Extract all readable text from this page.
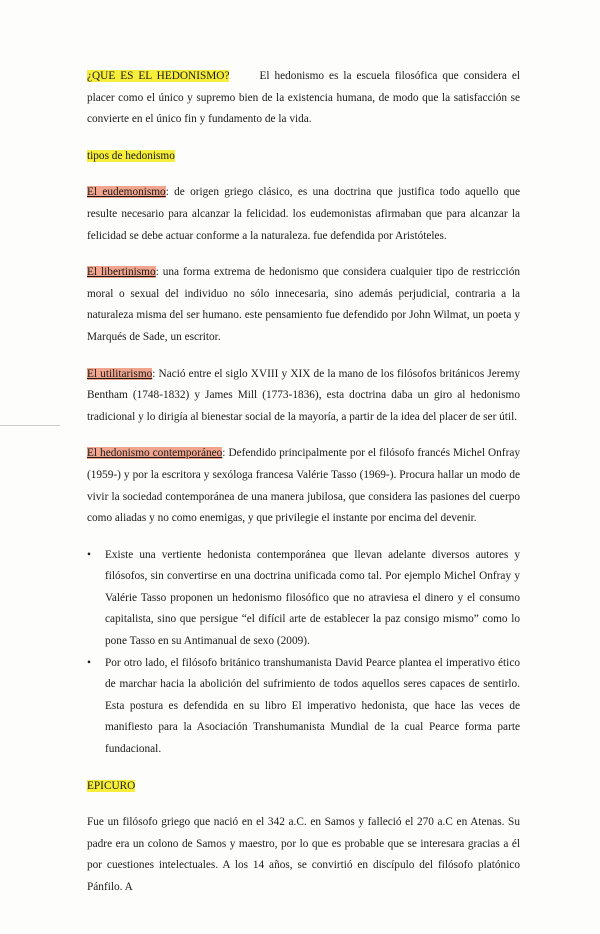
¿QUE ES EL HEDONISMO?	El hedonismo es la escuela filosófica que considera el placer como el único y supremo bien de la existencia humana, de modo que la satisfacción se convierte en el único fin y fundamento de la vida.
tipos de hedonismo
El eudemonismo: de origen griego clásico, es una doctrina que justifica todo aquello que resulte necesario para alcanzar la felicidad. los eudemonistas afirmaban que para alcanzar la felicidad se debe actuar conforme a la naturaleza. fue defendida por Aristóteles.
El libertinismo: una forma extrema de hedonismo que considera cualquier tipo de restricción moral o sexual del individuo no sólo innecesaria, sino además perjudicial, contraria a la naturaleza misma del ser humano. este pensamiento fue defendido por John Wilmat, un poeta y Marqués de Sade, un escritor.
El utilitarismo: Nació entre el siglo XVIII y XIX de la mano de los filósofos británicos Jeremy Bentham (1748-1832) y James Mill (1773-1836), esta doctrina daba un giro al hedonismo tradicional y lo dirigía al bienestar social de la mayoría, a partir de la idea del placer de ser útil.
El hedonismo contemporáneo: Defendido principalmente por el filósofo francés Michel Onfray (1959-) y por la escritora y sexóloga francesa Valérie Tasso (1969-). Procura hallar un modo de vivir la sociedad contemporánea de una manera jubilosa, que considera las pasiones del cuerpo como aliadas y no como enemigas, y que privilegie el instante por encima del devenir.
• Existe una vertiente hedonista contemporánea que llevan adelante diversos autores y filósofos, sin convertirse en una doctrina unificada como tal. Por ejemplo Michel Onfray y Valérie Tasso proponen un hedonismo filosófico que no atraviesa el dinero y el consumo capitalista, sino que persigue “el difícil arte de establecer la paz consigo mismo” como lo pone Tasso en su Antimanual de sexo (2009).
• Por otro lado, el filósofo británico transhumanista David Pearce plantea el imperativo ético de marchar hacia la abolición del sufrimiento de todos aquellos seres capaces de sentirlo. Esta postura es defendida en su libro El imperativo hedonista, que hace las veces de manifiesto para la Asociación Transhumanista Mundial de la cual Pearce forma parte fundacional.
EPICURO
Fue un filósofo griego que nació en el 342 a.C. en Samos y falleció el 270 a.C en Atenas. Su padre era un colono de Samos y maestro, por lo que es probable que se interesara gracias a él por cuestiones intelectuales. A los 14 años, se convirtió en discípulo del filósofo platónico Pánfilo. A
